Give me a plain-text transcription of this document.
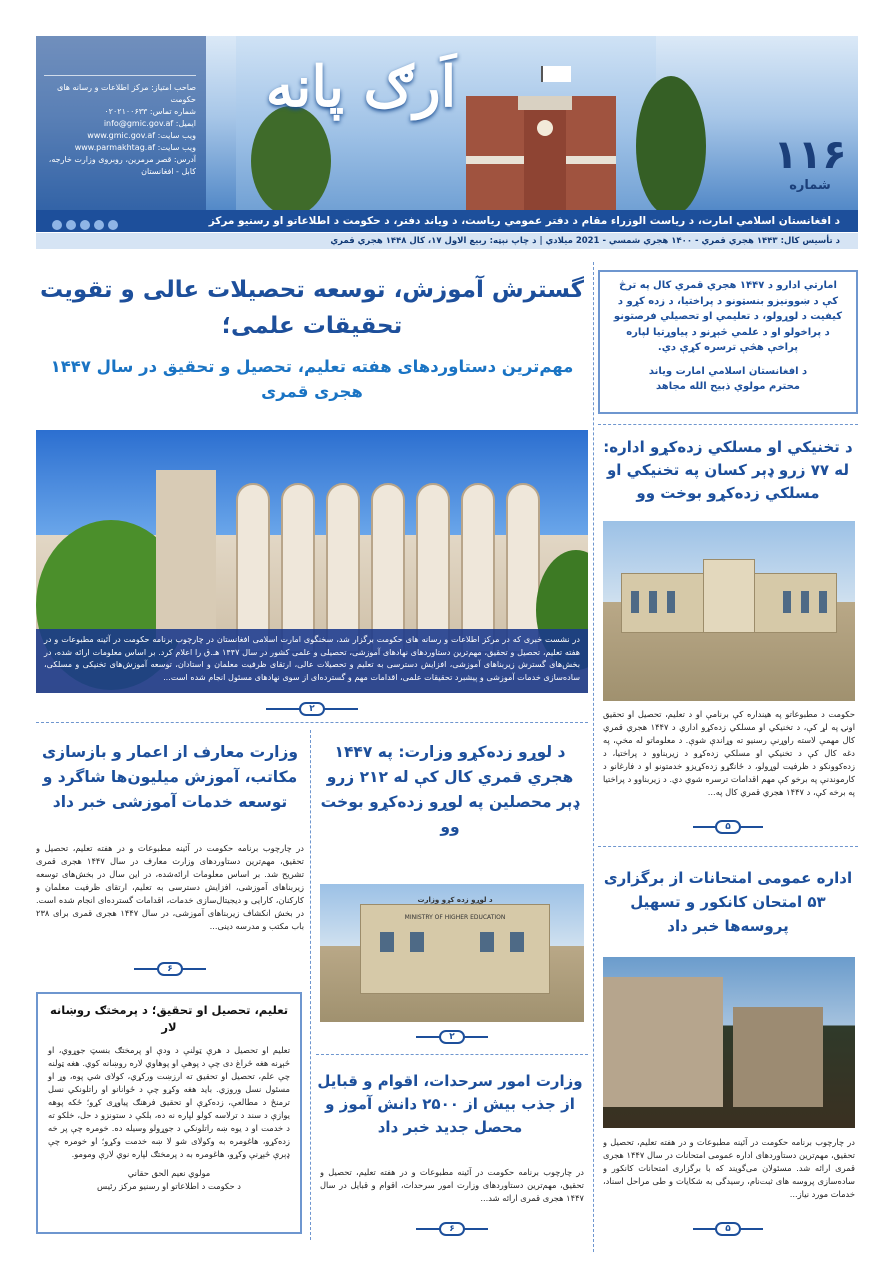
اَرګ پانه
صاحب امتیاز: مرکز اطلاعات و رسانه های
حکومت
شماره تماس: ۰۲۰۲۱۰۰۶۳۳
ایمیل: info@gmic.gov.af
ویب سایت: www.gmic.gov.af
ویب سایت: www.parmakhtag.af
آدرس: قصر مرمرین، روبروی وزارت خارجه،
کابل - افغانستان	۱۱۶
شماره
د افغانستان اسلامي امارت، د ریاست الوزراء مقام د دفتر عمومي ریاست، د ویاند دفتر، د حکومت د اطلاعاتو او رسنیو مرکز
د تأسیس کال: ۱۴۴۳ هجري قمري - ۱۴۰۰ هجري شمسي - 2021 میلادي | د چاپ نېټه: ربیع الاول ۱۷، کال ۱۴۴۸ هجري قمري
گسترش آموزش، توسعه تحصیلات عالی و تقویت
تحقیقات علمی؛
مهم‌ترین دستاوردهای هفته تعلیم، تحصیل و تحقیق در سال ۱۴۴۷
هجری قمری
در نشست خبری که در مرکز اطلاعات و رسانه های حکومت برگزار شد، سخنگوی امارت اسلامی افغانستان در چارچوب برنامه حکومت در آئینه مطبوعات و در هفته تعلیم، تحصیل و تحقیق، مهم‌ترین دستاوردهای نهادهای آموزشی، تحصیلی و علمی کشور در سال ۱۴۴۷ هـ.ق را اعلام کرد. بر اساس معلومات ارائه شده، در بخش‌های گسترش زیربناهای آموزشی، افزایش دسترسی به تعلیم و تحصیلات عالی، ارتقای ظرفیت معلمان و استادان، توسعه آموزش‌های تخنیکی و مسلکی، ساده‌سازی خدمات آموزشی و پیشبرد تحقیقات علمی، اقدامات مهم و گسترده‌ای از سوی نهادهای مسئول انجام شده است...
۲
امارتي ادارو د ۱۴۴۷ هجري قمري کال په ترڅ کې د ښوونیزو بنسټونو د پراختیا، د زده کړو د کیفیت د لوړولو، د تعلیمي او تحصیلي فرصتونو د پراخولو او د علمي څېړنو د پیاوړتیا لپاره پراخې هڅې ترسره کړې دي.
د افغانستان اسلامي امارت ویاند
محترم مولوي ذبیح الله مجاهد
د تخنیکي او مسلکي زده‌کړو اداره: له ۷۷ زرو ډېر کسان په تخنیکي او مسلکي زده‌کړو بوخت وو
حکومت د مطبوعاتو په هینداره کې برنامې او د تعلیم، تحصیل او تحقیق اونۍ په لړ کې، د تخنیکي او مسلکي زده‌کړو اداري د ۱۴۴۷ هجري قمري کال مهمې لاسته راوړنې رسنیو ته وړاندې شوې. د معلوماتو له مخې، په دغه کال کې د تخنیکي او مسلکي زده‌کړو د زیربناوو د پراختیا، د زده‌کوونکو د ظرفیت لوړولو، د ځانګړو زده‌کړیزو خدمتونو او د فارغانو د کارموندنې په برخو کې مهم اقدامات ترسره شوي دي. د زیربناوو د پراختیا په برخه کې، د ۱۴۴۷ هجري قمري کال په...
۵
اداره عمومی امتحانات از برگزاری ۵۳ امتحان کانکور و تسهیل پروسه‌ها خبر داد
در چارچوب برنامه حکومت در آئینه مطبوعات و در هفته تعلیم، تحصیل و تحقیق، مهم‌ترین دستاوردهای اداره عمومی امتحانات در سال ۱۴۴۷ هجری قمری ارائه شد. مسئولان می‌گویند که با برگزاری امتحانات کانکور و ساده‌سازی پروسه های ثبت‌نام، رسیدگی به شکایات و طی مراحل اسناد، خدمات مورد نیاز...
۵
د لوړو زده‌کړو وزارت: په ۱۴۴۷ هجري قمري کال کې له ۲۱۲ زرو ډېر محصلین په لوړو زده‌کړو بوخت وو
د لوړو زده کړو وزارت
MINISTRY OF HIGHER EDUCATION
۲
وزارت امور سرحدات، اقوام و قبایل از جذب بیش از ۲۵۰۰ دانش آموز و محصل جدید خبر داد
در چارچوب برنامه حکومت در آئینه مطبوعات و در هفته تعلیم، تحصیل و تحقیق، مهم‌ترین دستاوردهای وزارت امور سرحدات، اقوام و قبایل در سال ۱۴۴۷ هجری قمری ارائه شد...
۶
وزارت معارف از اعمار و بازسازی مکاتب، آموزش میلیون‌ها شاگرد و توسعه خدمات آموزشی خبر داد
در چارچوب برنامه حکومت در آئینه مطبوعات و در هفته تعلیم، تحصیل و تحقیق، مهم‌ترین دستاوردهای وزارت معارف در سال ۱۴۴۷ هجری قمری تشریح شد. بر اساس معلومات ارائه‌شده، در این سال در بخش‌های توسعه زیربناهای آموزشی، افزایش دسترسی به تعلیم، ارتقای ظرفیت معلمان و کارکنان، کارایی و دیجیتال‌سازی خدمات، اقدامات گسترده‌ای انجام شده است. در بخش انکشاف زیربناهای آموزشی، در سال ۱۴۴۷ هجری قمری برای ۲۳۸ باب مکتب و مدرسه دینی...
۶
تعلیم، تحصیل او تحقیق؛ د پرمختګ روښانه لار
تعلیم او تحصیل د هرې ټولنې د ودې او پرمختګ بنسټ جوړوي، او څېړنه هغه څراغ دی چې د پوهې او پوهاوي لاره روښانه کوي. هغه ټولنه چې علم، تحصیل او تحقیق ته ارزښت ورکړي، کولای شي پوه، وړ او مسئول نسل وروزي. باید هغه وکړو چې د ځوانانو او راتلونکي نسل ترمنځ د مطالعې، زده‌کړې او تحقیق فرهنګ پیاوړی کړو؛ ځکه پوهه یوازې د سند د ترلاسه کولو لپاره نه ده، بلکې د ستونزو د حل، خلکو ته د خدمت او د یوه ښه راتلونکي د جوړولو وسیله ده. خومره چې پر خه زده‌کړو، هاغومره به وکولای شو لا ښه خدمت وکړو؛ او خومره چې ډېرې څېړنې وکړو، هاغومره به د پرمختګ لپاره نوي لارې ومومو.
مولوي نعیم الحق حقاني
د حکومت د اطلاعاتو او رسنیو مرکز رئیس
